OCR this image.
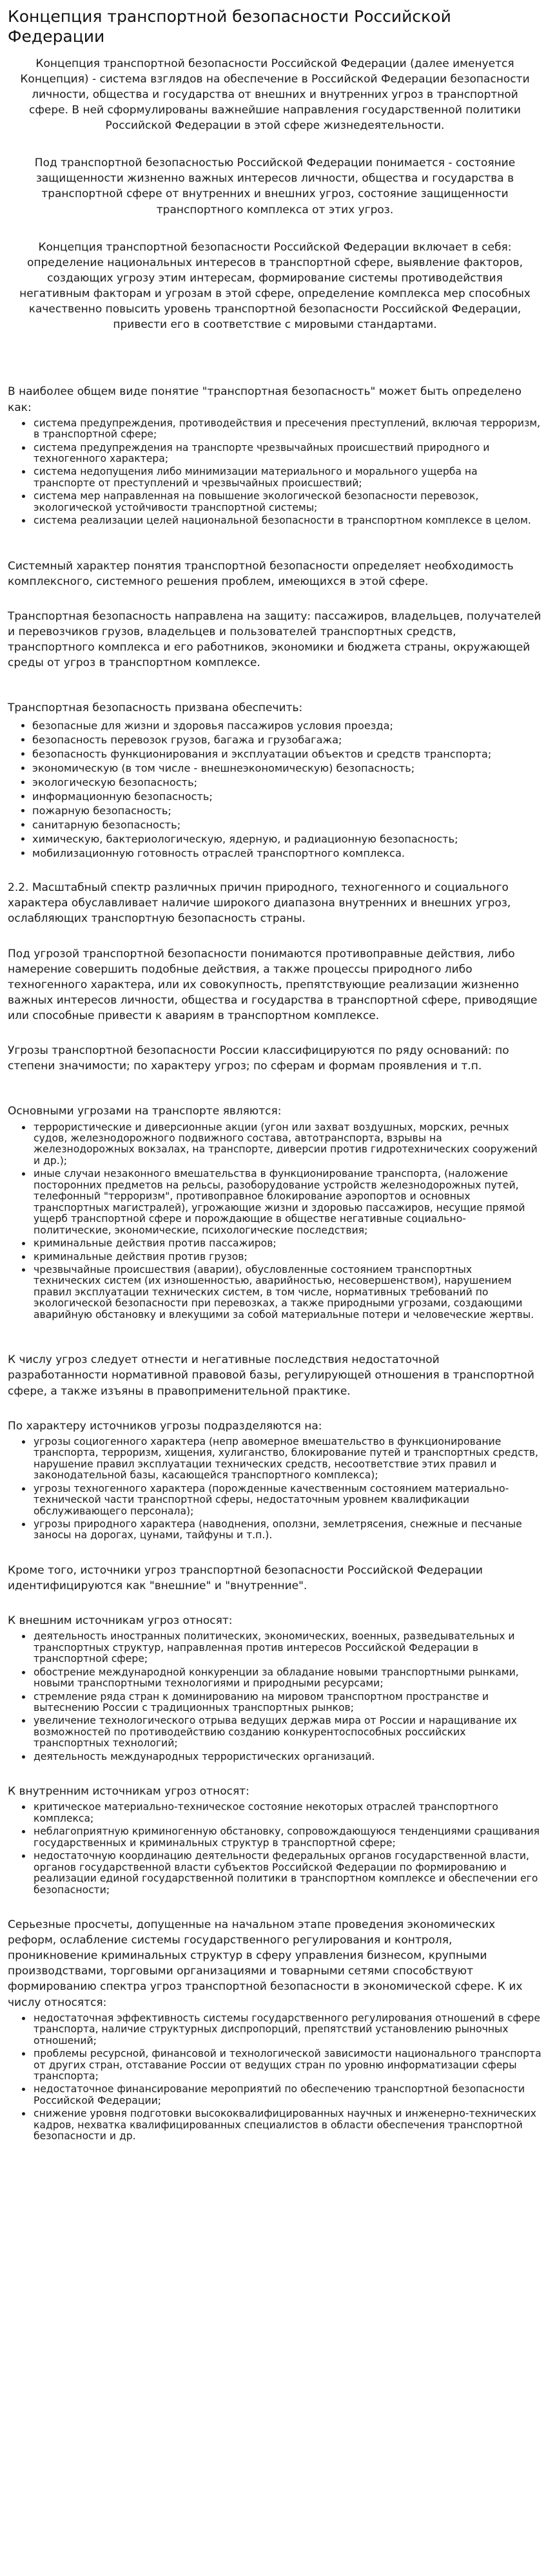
Концепция транспортной безопасности Российской Федерации

Концепция транспортной безопасности Российской Федерации (далее именуется Концепция) - система взглядов на обеспечение в Российской Федерации безопасности личности, общества и государства от внешних и внутренних угроз в транспортной сфере. В ней сформулированы важнейшие направления государственной политики Российской Федерации в этой сфере жизнедеятельности.

Под транспортной безопасностью Российской Федерации понимается - состояние защищенности жизненно важных интересов личности, общества и государства в транспортной сфере от внутренних и внешних угроз, состояние защищенности транспортного комплекса от этих угроз.

Концепция транспортной безопасности Российской Федерации включает в себя: определение национальных интересов в транспортной сфере, выявление факторов, создающих угрозу этим интересам, формирование системы противодействия негативным факторам и угрозам в этой сфере, определение комплекса мер способных качественно повысить уровень транспортной безопасности Российской Федерации, привести его в соответствие с мировыми стандартами.

В наиболее общем виде понятие "транспортная безопасность" может быть определено как:

• система предупреждения, противодействия и пресечения преступлений, включая терроризм, в транспортной сфере;
• система предупреждения на транспорте чрезвычайных происшествий природного и техногенного характера;
• система недопущения либо минимизации материального и морального ущерба на транспорте от преступлений и чрезвычайных происшествий;
• система мер направленная на повышение экологической безопасности перевозок, экологической устойчивости транспортной системы;
• система реализации целей национальной безопасности в транспортном комплексе в целом.

Системный характер понятия транспортной безопасности определяет необходимость комплексного, системного решения проблем, имеющихся в этой сфере.

Транспортная безопасность направлена на защиту: пассажиров, владельцев, получателей и перевозчиков грузов, владельцев и пользователей транспортных средств, транспортного комплекса и его работников, экономики и бюджета страны, окружающей среды от угроз в транспортном комплексе.

Транспортная безопасность призвана обеспечить:

• безопасные для жизни и здоровья пассажиров условия проезда;
• безопасность перевозок грузов, багажа и грузобагажа;
• безопасность функционирования и эксплуатации объектов и средств транспорта;
• экономическую (в том числе - внешнеэкономическую) безопасность;
• экологическую безопасность;
• информационную безопасность;
• пожарную безопасность;
• санитарную безопасность;
• химическую, бактериологическую, ядерную, и радиационную безопасность;
• мобилизационную готовность отраслей транспортного комплекса.

2.2. Масштабный спектр различных причин природного, техногенного и социального характера обуславливает наличие широкого диапазона внутренних и внешних угроз, ослабляющих транспортную безопасность страны.

Под угрозой транспортной безопасности понимаются противоправные действия, либо намерение совершить подобные действия, а также процессы природного либо техногенного характера, или их совокупность, препятствующие реализации жизненно важных интересов личности, общества и государства в транспортной сфере, приводящие или способные привести к авариям в транспортном комплексе.

Угрозы транспортной безопасности России классифицируются по ряду оснований: по степени значимости; по характеру угроз; по сферам и формам проявления и т.п.

Основными угрозами на транспорте являются:

• террористические и диверсионные акции (угон или захват воздушных, морских, речных судов, железнодорожного подвижного состава, автотранспорта, взрывы на железнодорожных вокзалах, на транспорте, диверсии против гидротехнических сооружений и др.);
• иные случаи незаконного вмешательства в функционирование транспорта, (наложение посторонних предметов на рельсы, разоборудование устройств железнодорожных путей, телефонный "терроризм", противоправное блокирование аэропортов и основных транспортных магистралей), угрожающие жизни и здоровью пассажиров, несущие прямой ущерб транспортной сфере и порождающие в обществе негативные социально-политические, экономические, психологические последствия;
• криминальные действия против пассажиров;
• криминальные действия против грузов;
• чрезвычайные происшествия (аварии), обусловленные состоянием транспортных технических систем (их изношенностью, аварийностью, несовершенством), нарушением правил эксплуатации технических систем, в том числе, нормативных требований по экологической безопасности при перевозках, а также природными угрозами, создающими аварийную обстановку и влекущими за собой материальные потери и человеческие жертвы.

К числу угроз следует отнести и негативные последствия недостаточной разработанности нормативной правовой базы, регулирующей отношения в транспортной сфере, а также изъяны в правоприменительной практике.

По характеру источников угрозы подразделяются на:

• угрозы социогенного характера (непр авомерное вмешательство в функционирование транспорта, терроризм, хищения, хулиганство, блокирование путей и транспортных средств, нарушение правил эксплуатации технических средств, несоответствие этих правил и законодательной базы, касающейся транспортного комплекса);
• угрозы техногенного характера (порожденные качественным состоянием материально-технической части транспортной сферы, недостаточным уровнем квалификации обслуживающего персонала);
• угрозы природного характера (наводнения, оползни, землетрясения, снежные и песчаные заносы на дорогах, цунами, тайфуны и т.п.).

Кроме того, источники угроз транспортной безопасности Российской Федерации идентифицируются как "внешние" и "внутренние".

К внешним источникам угроз относят:

• деятельность иностранных политических, экономических, военных, разведывательных и транспортных структур, направленная против интересов Российской Федерации в транспортной сфере;
• обострение международной конкуренции за обладание новыми транспортными рынками, новыми транспортными технологиями и природными ресурсами;
• стремление ряда стран к доминированию на мировом транспортном пространстве и вытеснению России с традиционных транспортных рынков;
• увеличение технологического отрыва ведущих держав мира от России и наращивание их возможностей по противодействию созданию конкурентоспособных российских транспортных технологий;
• деятельность международных террористических организаций.

К внутренним источникам угроз относят:

• критическое материально-техническое состояние некоторых отраслей транспортного комплекса;
• неблагоприятную криминогенную обстановку, сопровождающуюся тенденциями сращивания государственных и криминальных структур в транспортной сфере;
• недостаточную координацию деятельности федеральных органов государственной власти, органов государственной власти субъектов Российской Федерации по формированию и реализации единой государственной политики в транспортном комплексе и обеспечении его безопасности;

Серьезные просчеты, допущенные на начальном этапе проведения экономических реформ, ослабление системы государственного регулирования и контроля, проникновение криминальных структур в сферу управления бизнесом, крупными производствами, торговыми организациями и товарными сетями способствуют формированию спектра угроз транспортной безопасности в экономической сфере. К их числу относятся:

• недостаточная эффективность системы государственного регулирования отношений в сфере транспорта, наличие структурных диспропорций, препятствий установлению рыночных отношений;
• проблемы ресурсной, финансовой и технологической зависимости национального транспорта от других стран, отставание России от ведущих стран по уровню информатизации сферы транспорта;
• недостаточное финансирование мероприятий по обеспечению транспортной безопасности Российской Федерации;
• снижение уровня подготовки высококвалифицированных научных и инженерно-технических кадров, нехватка квалифицированных специалистов в области обеспечения транспортной безопасности и др.
